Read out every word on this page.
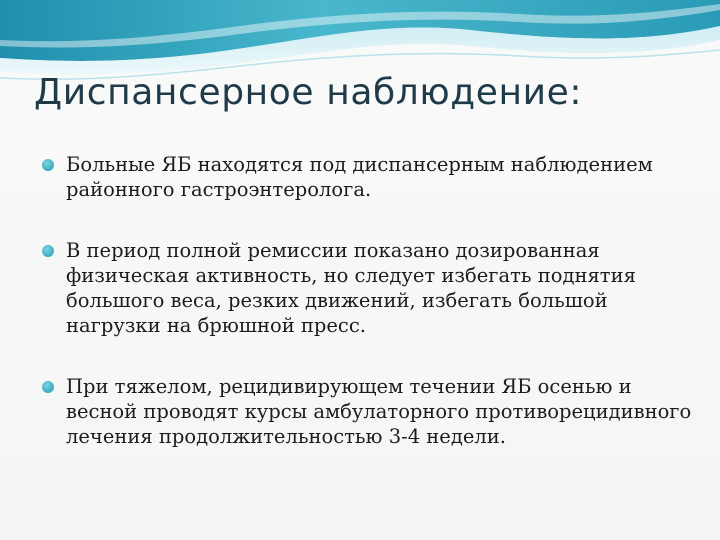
Диспансерное наблюдение:
Больные ЯБ находятся под диспансерным наблюдением районного гастроэнтеролога.
В период полной ремиссии показано дозированная физическая активность, но следует избегать поднятия большого веса, резких движений, избегать большой нагрузки на брюшной пресс.
При тяжелом, рецидивирующем течении ЯБ осенью и весной проводят курсы амбулаторного противорецидивного лечения продолжительностью 3-4 недели.
